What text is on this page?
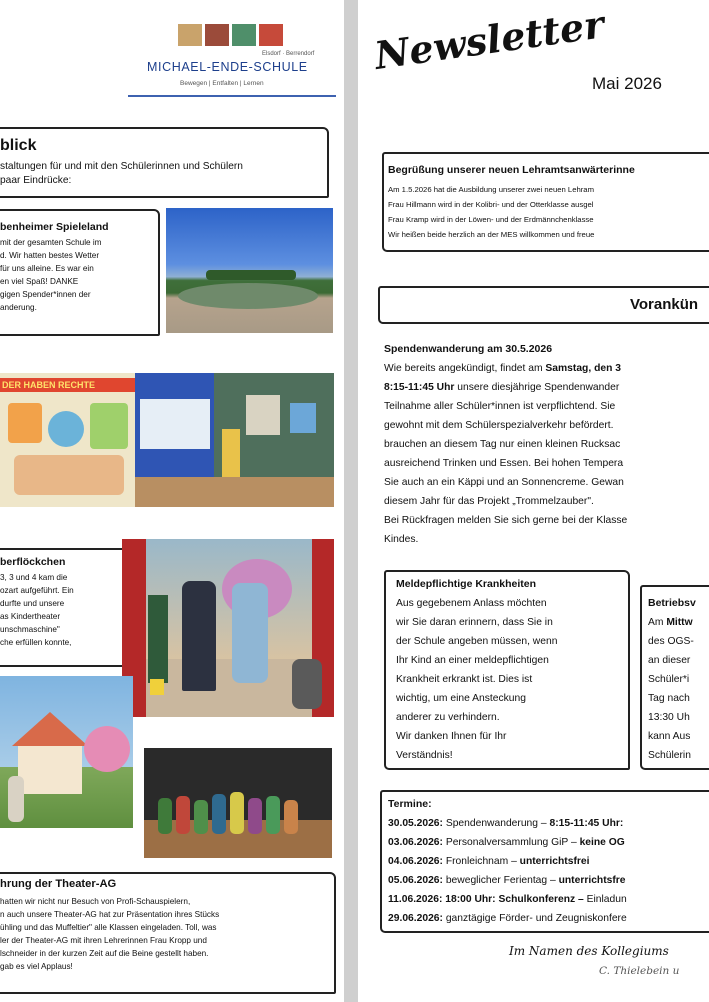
Elsdorf · Berrendorf
MICHAEL-ENDE-SCHULE
Bewegen | Entfalten | Lernen
blick
staltungen für und mit den Schülerinnen und Schülern
paar Eindrücke:
benheimer Spieleland
mit der gesamten Schule im
d. Wir hatten bestes Wetter
für uns alleine. Es war ein
en viel Spaß! DANKE
gigen Spender*innen der
anderung.
DER HABEN RECHTE
berflöckchen
3, 3 und 4 kam die
ozart aufgeführt. Ein
durfte und unsere
as Kindertheater
unschmaschine"
che erfüllen konnte,
hrung der Theater-AG
hatten wir nicht nur Besuch von Profi-Schauspielern,
n auch unsere Theater-AG hat zur Präsentation ihres Stücks
ühling und das Muffeltier" alle Klassen eingeladen. Toll, was
ler der Theater-AG mit ihren Lehrerinnen Frau Kropp und
lschneider in der kurzen Zeit auf die Beine gestellt haben.
gab es viel Applaus!
Newsletter
Mai 2026
Begrüßung unserer neuen Lehramtsanwärterinne
Am 1.5.2026 hat die Ausbildung unserer zwei neuen Lehram
Frau Hillmann wird in der Kolibri- und der Otterklasse ausgel
Frau Kramp wird in der Löwen- und der Erdmännchenklasse
Wir heißen beide herzlich an der MES willkommen und freue
Vorankün
Spendenwanderung am 30.5.2026
Wie bereits angekündigt, findet am Samstag, den 3
8:15-11:45 Uhr unsere diesjährige Spendenwander
Teilnahme aller Schüler*innen ist verpflichtend. Sie
gewohnt mit dem Schülerspezialverkehr befördert.
brauchen an diesem Tag nur einen kleinen Rucksac
ausreichend Trinken und Essen. Bei hohen Tempera
Sie auch an ein Käppi und an Sonnencreme. Gewan
diesem Jahr für das Projekt „Trommelzauber".
Bei Rückfragen melden Sie sich gerne bei der Klasse
Kindes.
Meldepflichtige Krankheiten
Aus gegebenem Anlass möchten
wir Sie daran erinnern, dass Sie in
der Schule angeben müssen, wenn
Ihr Kind an einer meldepflichtigen
Krankheit erkrankt ist. Dies ist
wichtig, um eine Ansteckung
anderer zu verhindern.
Wir danken Ihnen für Ihr
Verständnis!
Betriebsv
Am Mittw
des OGS-
an dieser
Schüler*i
Tag nach
13:30 Uh
kann Aus
Schülerin
Termine:
30.05.2026: Spendenwanderung – 8:15-11:45 Uhr:
03.06.2026: Personalversammlung GiP – keine OG
04.06.2026: Fronleichnam – unterrichtsfrei
05.06.2026: beweglicher Ferientag – unterrichtsfre
11.06.2026: 18:00 Uhr: Schulkonferenz – Einladun
29.06.2026: ganztägige Förder- und Zeugniskonfere
Im Namen des Kollegiums
C. Thielebein u
